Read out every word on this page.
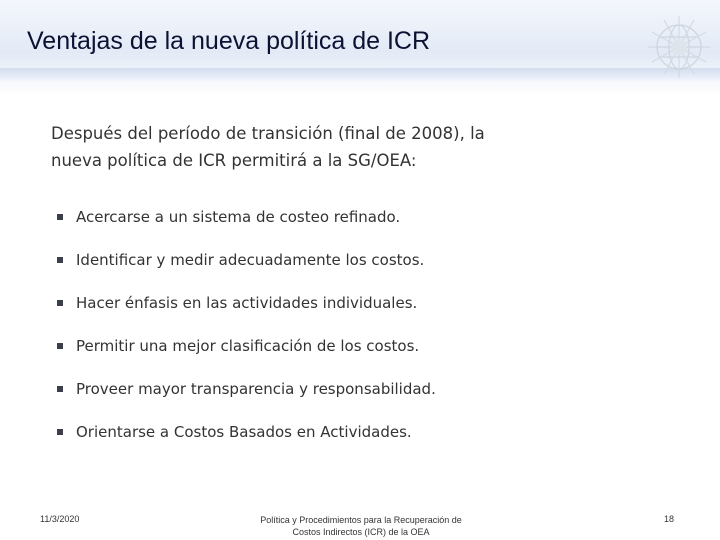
Ventajas de la nueva política de ICR
Después del período de transición (final de 2008), la
nueva política de ICR permitirá a la SG/OEA:
Acercarse a un sistema de costeo refinado.
Identificar y medir adecuadamente los costos.
Hacer énfasis en las actividades individuales.
Permitir una mejor clasificación de los costos.
Proveer mayor transparencia y responsabilidad.
Orientarse a Costos Basados en Actividades.
11/3/2020	Política y Procedimientos para la Recuperación de
Costos Indirectos (ICR) de la OEA
18
